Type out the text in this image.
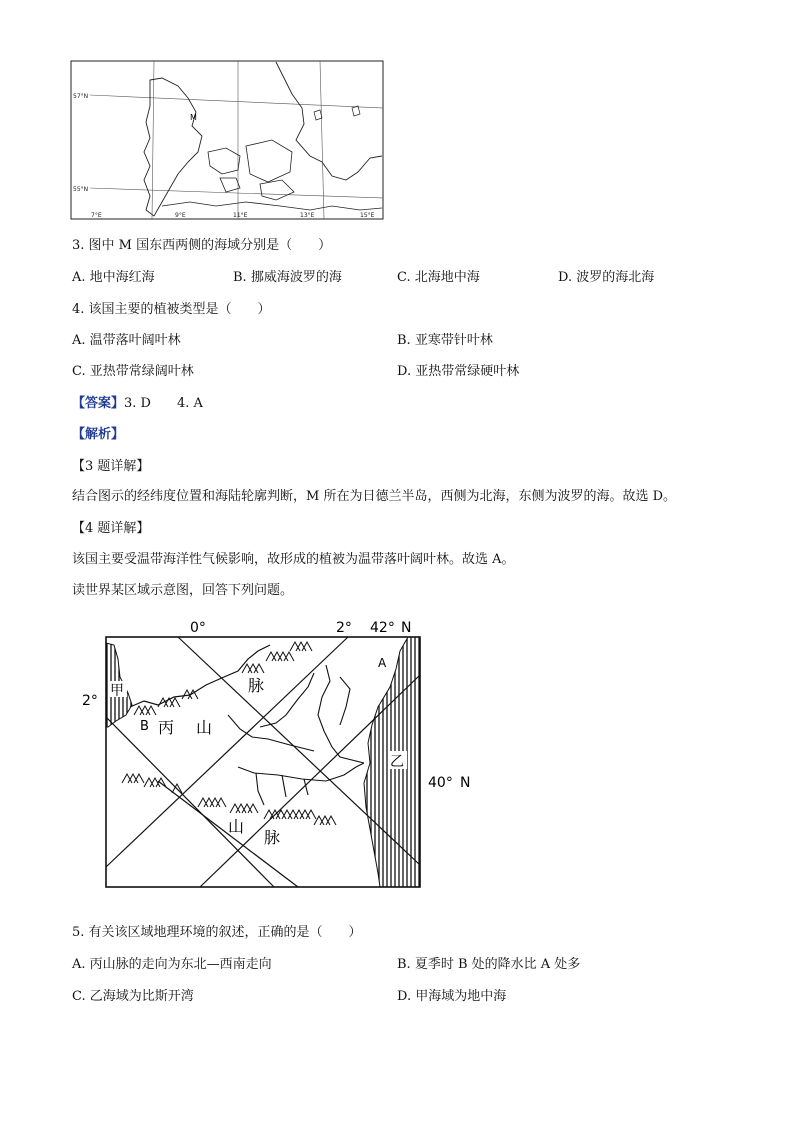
57°N
55°N
7°E	9°E	11°E	13°E	15°E
M
3. 图中 M 国东西两侧的海域分别是（　　）
A. 地中海红海	B. 挪威海波罗的海	C. 北海地中海	D. 波罗的海北海
4. 该国主要的植被类型是（　　）
A. 温带落叶阔叶林	B. 亚寒带针叶林
C. 亚热带常绿阔叶林	D. 亚热带常绿硬叶林
【答案】3. D　　4. A
【解析】
【3 题详解】
结合图示的经纬度位置和海陆轮廓判断，M 所在为日德兰半岛，西侧为北海，东侧为波罗的海。故选 D。
【4 题详解】
该国主要受温带海洋性气候影响，故形成的植被为温带落叶阔叶林。故选 A。
读世界某区域示意图，回答下列问题。
0°	2° 42° N
2°
40° N
甲
乙
A
B 丙 山
脉
山
脉
5. 有关该区域地理环境的叙述，正确的是（　　）
A. 丙山脉的走向为东北—西南走向	B. 夏季时 B 处的降水比 A 处多
C. 乙海域为比斯开湾	D. 甲海域为地中海
